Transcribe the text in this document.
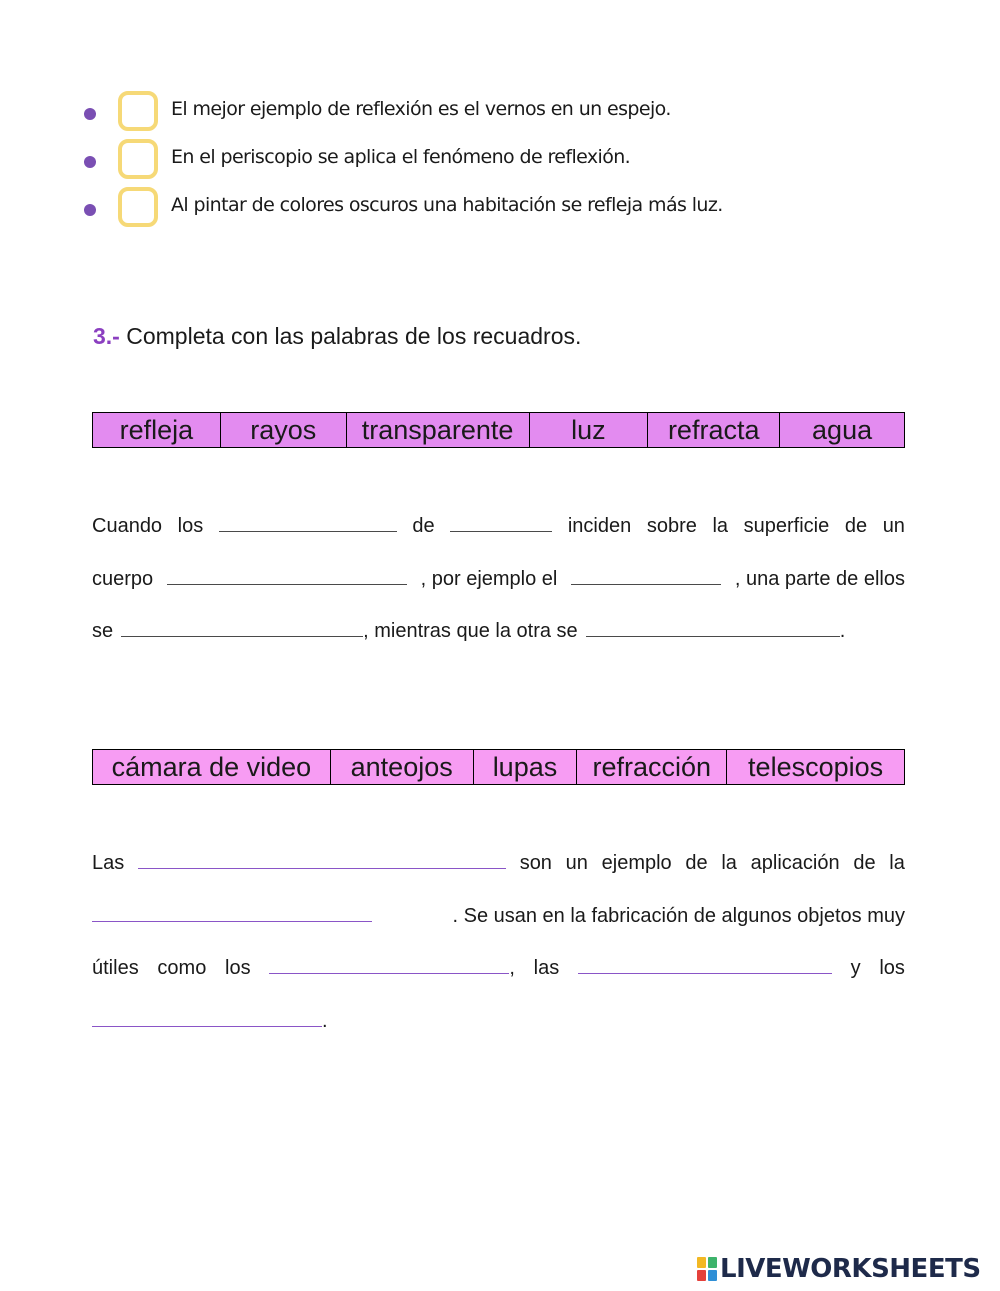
El mejor ejemplo de reflexión es el vernos en un espejo.
En el periscopio se aplica el fenómeno de reflexión.
Al pintar de colores oscuros una habitación se refleja más luz.
3.- Completa con las palabras de los recuadros.
refleja	rayos	transparente	luz	refracta	agua
Cuando los	de	inciden sobre la superficie de un
cuerpo	, por ejemplo el	, una parte de ellos
se	, mientras que la otra se	.
cámara de video	anteojos	lupas	refracción	telescopios
Las	son un ejemplo de la aplicación de la
. Se usan en la fabricación de algunos objetos muy
útiles como los	, las	y los
.
LIVEWORKSHEETS
